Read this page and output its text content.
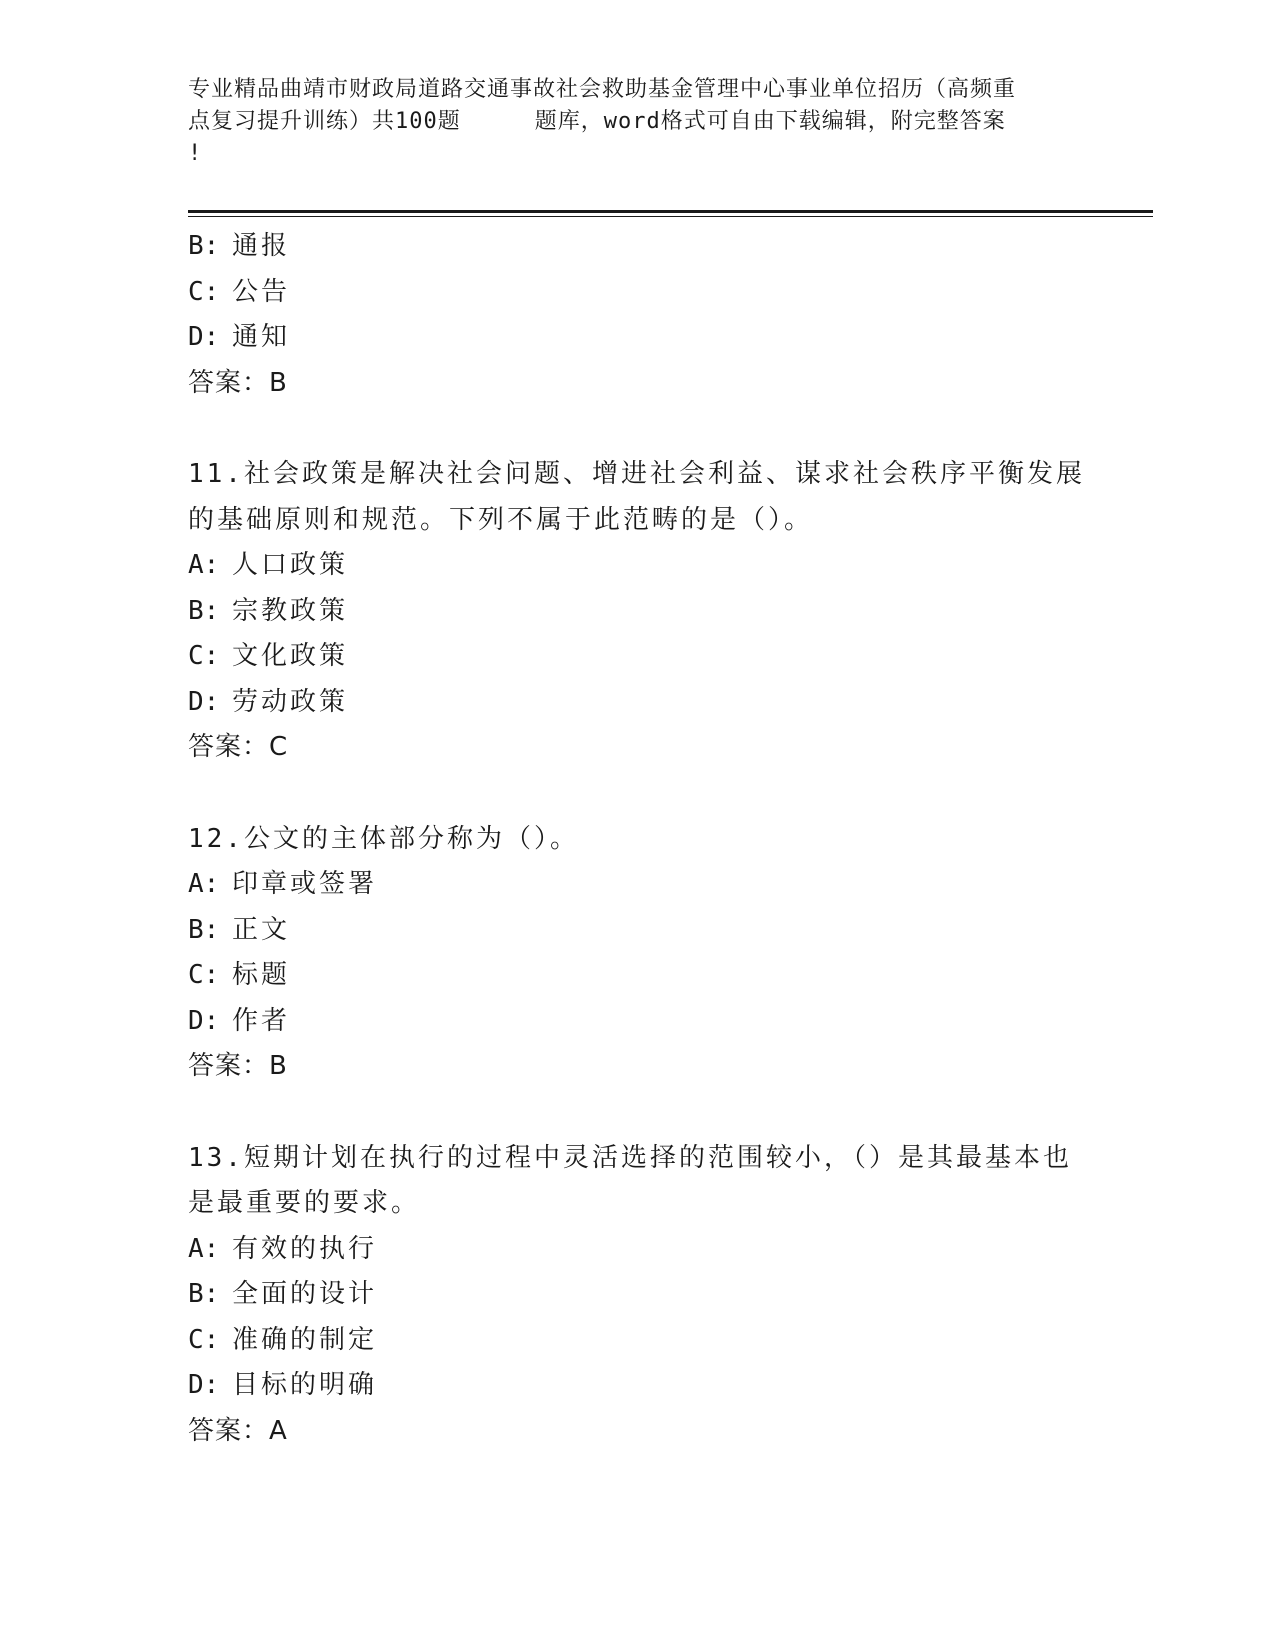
专业精品曲靖市财政局道路交通事故社会救助基金管理中心事业单位招历（高频重
点复习提升训练）共100题	题库，word格式可自由下载编辑，附完整答案
!
B: 通报
C: 公告
D: 通知
答案：B
11.社会政策是解决社会问题、增进社会利益、谋求社会秩序平衡发展
的基础原则和规范。下列不属于此范畴的是（）。
A: 人口政策
B: 宗教政策
C: 文化政策
D: 劳动政策
答案：C
12.公文的主体部分称为（）。
A: 印章或签署
B: 正文
C: 标题
D: 作者
答案：B
13.短期计划在执行的过程中灵活选择的范围较小，（）是其最基本也
是最重要的要求。
A: 有效的执行
B: 全面的设计
C: 准确的制定
D: 目标的明确
答案：A
